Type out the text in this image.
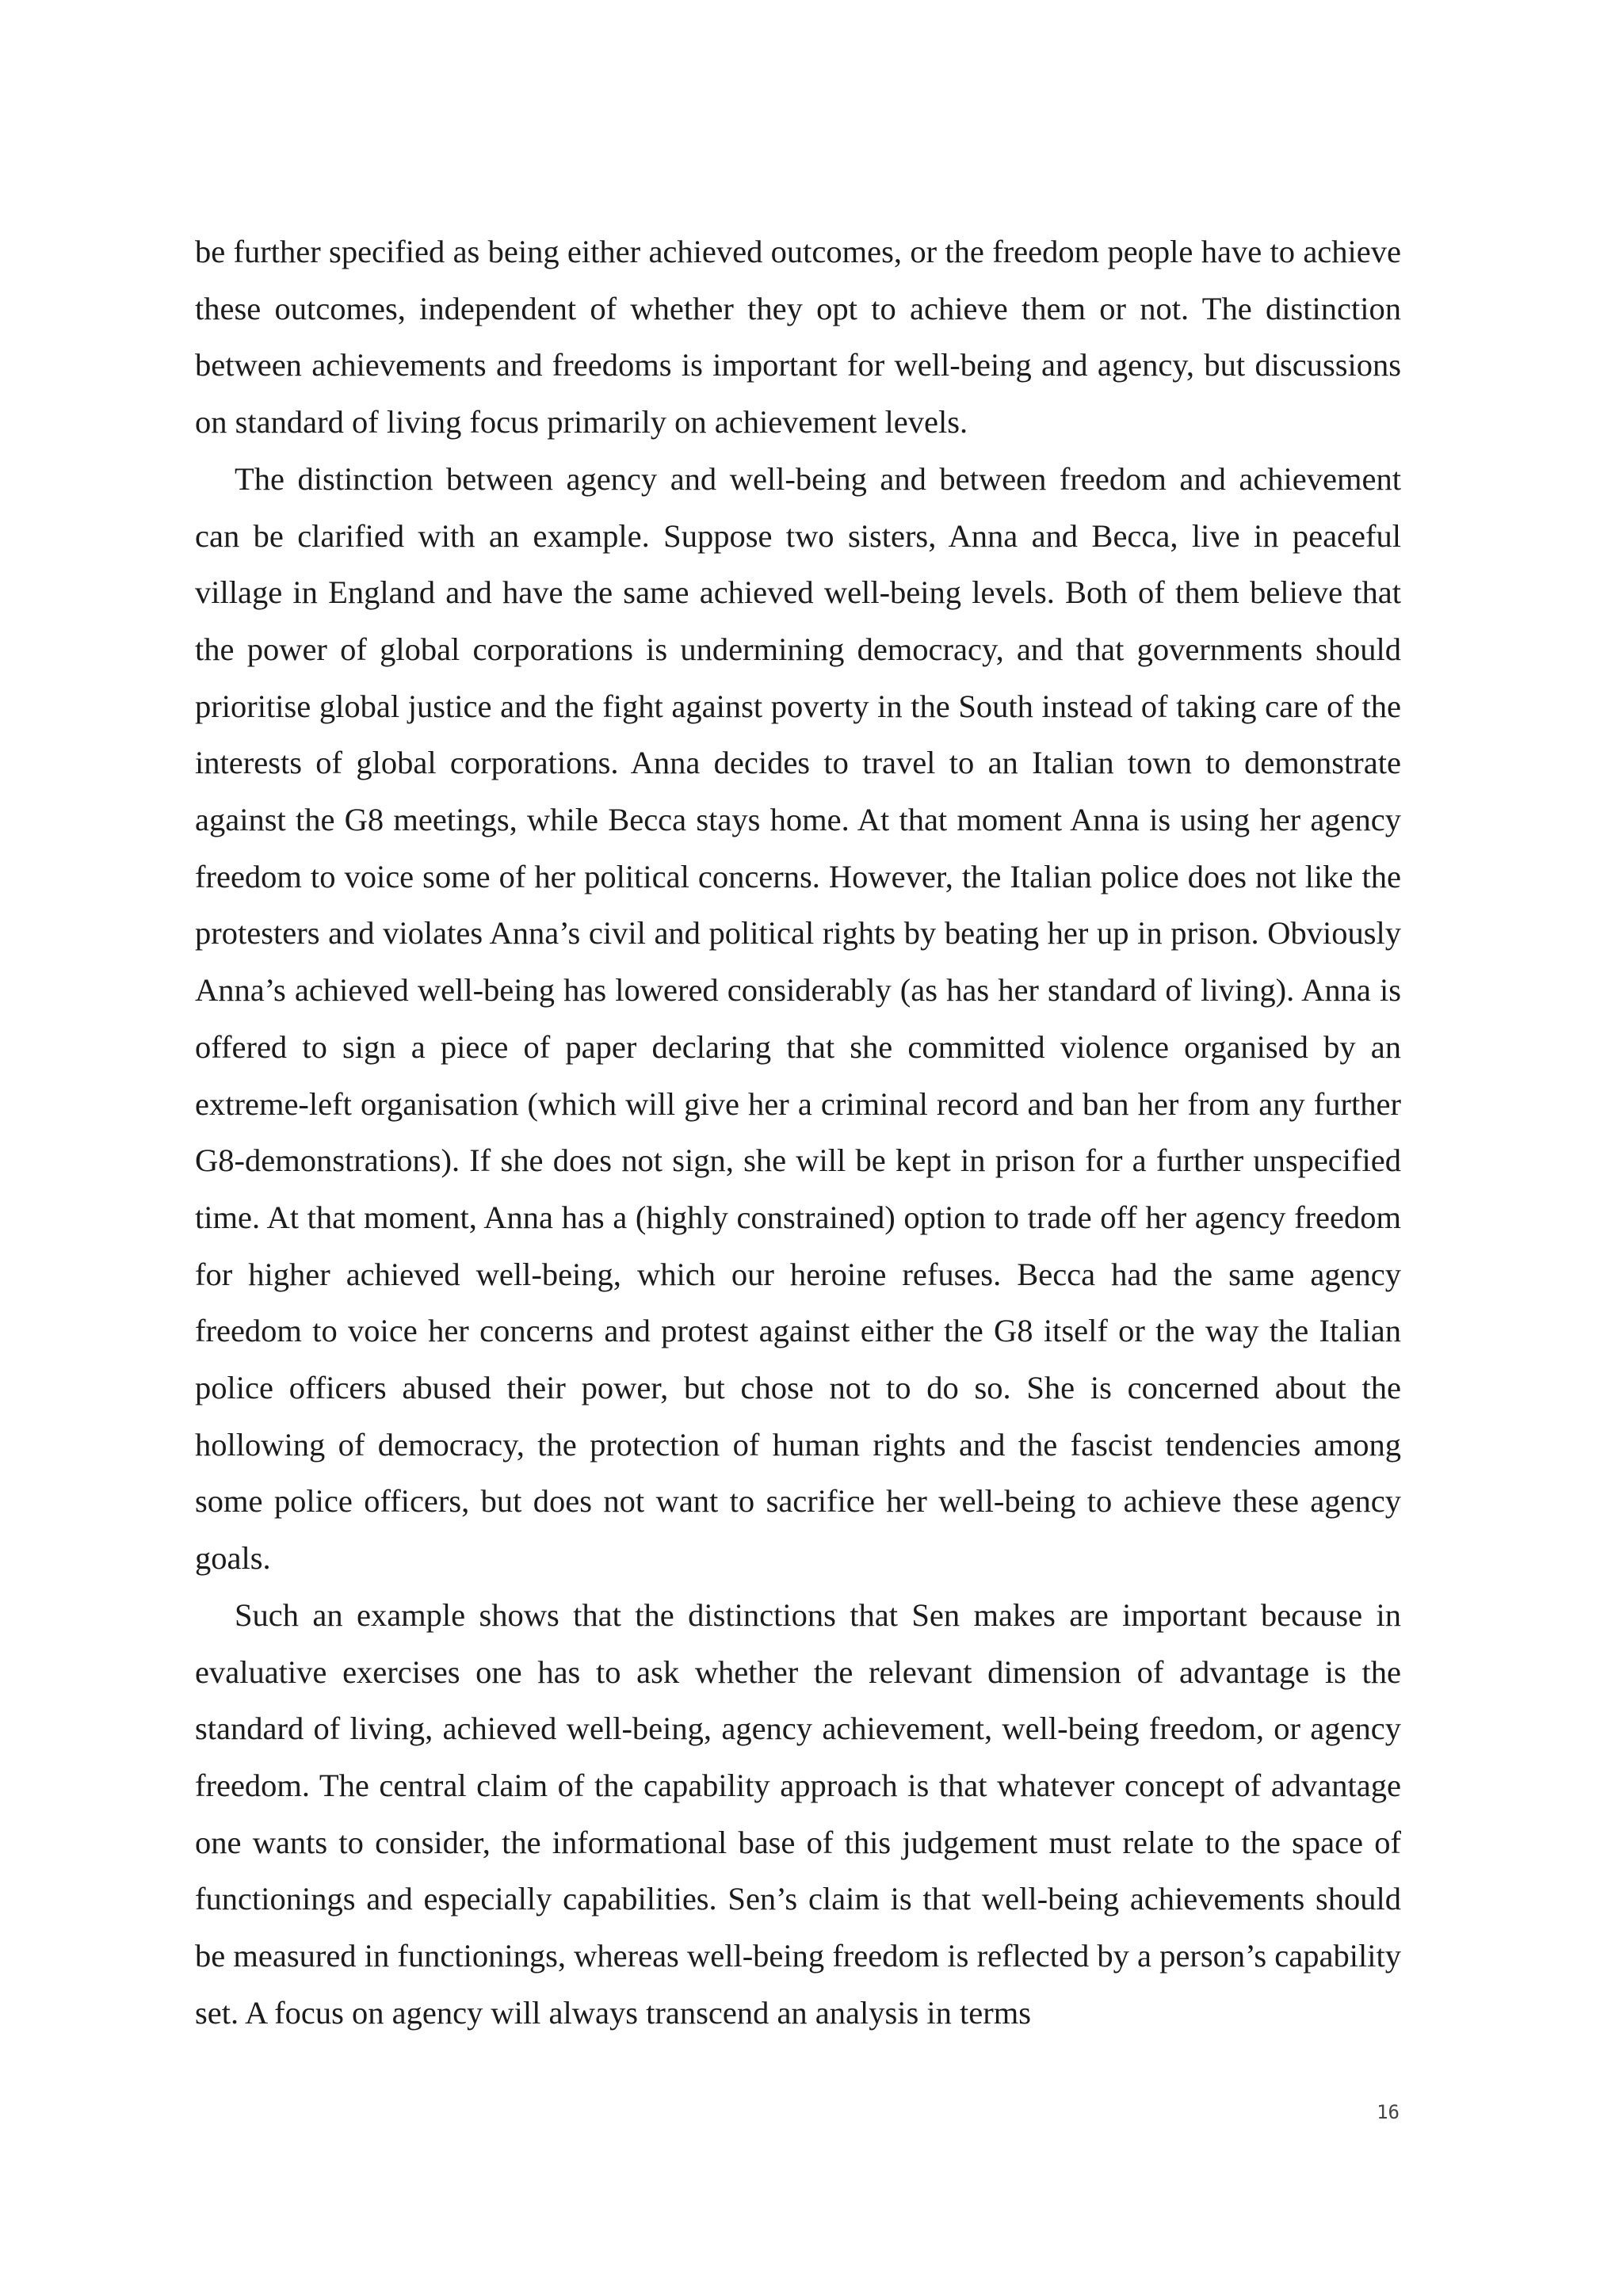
be further specified as being either achieved outcomes, or the freedom people have to achieve these outcomes, independent of whether they opt to achieve them or not. The distinction between achievements and freedoms is important for well-being and agency, but discussions on standard of living focus primarily on achievement levels.

The distinction between agency and well-being and between freedom and achievement can be clarified with an example. Suppose two sisters, Anna and Becca, live in peaceful village in England and have the same achieved well-being levels. Both of them believe that the power of global corporations is undermining democracy, and that governments should prioritise global justice and the fight against poverty in the South instead of taking care of the interests of global corporations. Anna decides to travel to an Italian town to demonstrate against the G8 meetings, while Becca stays home. At that moment Anna is using her agency freedom to voice some of her political concerns. However, the Italian police does not like the protesters and violates Anna’s civil and political rights by beating her up in prison. Obviously Anna’s achieved well-being has lowered considerably (as has her standard of living). Anna is offered to sign a piece of paper declaring that she committed violence organised by an extreme-left organisation (which will give her a criminal record and ban her from any further G8-demonstrations). If she does not sign, she will be kept in prison for a further unspecified time. At that moment, Anna has a (highly constrained) option to trade off her agency freedom for higher achieved well-being, which our heroine refuses. Becca had the same agency freedom to voice her concerns and protest against either the G8 itself or the way the Italian police officers abused their power, but chose not to do so. She is concerned about the hollowing of democracy, the protection of human rights and the fascist tendencies among some police officers, but does not want to sacrifice her well-being to achieve these agency goals.

Such an example shows that the distinctions that Sen makes are important because in evaluative exercises one has to ask whether the relevant dimension of advantage is the standard of living, achieved well-being, agency achievement, well-being freedom, or agency freedom. The central claim of the capability approach is that whatever concept of advantage one wants to consider, the informational base of this judgement must relate to the space of functionings and especially capabilities. Sen’s claim is that well-being achievements should be measured in functionings, whereas well-being freedom is reflected by a person’s capability set. A focus on agency will always transcend an analysis in terms

16
